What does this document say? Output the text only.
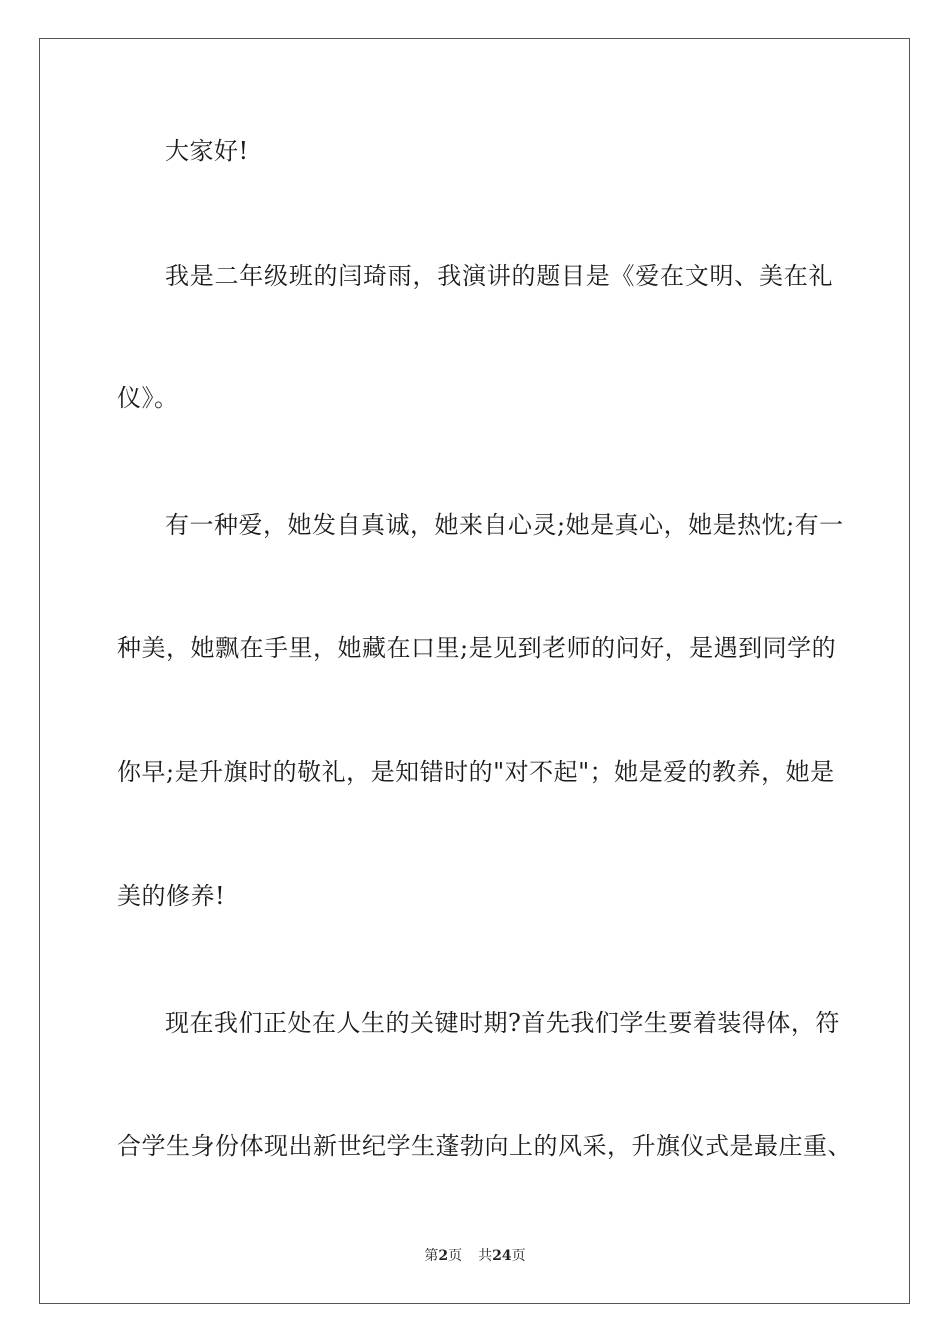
大家好!
我是二年级班的闫琦雨，我演讲的题目是《爱在文明、美在礼
仪》。
有一种爱，她发自真诚，她来自心灵;她是真心，她是热忱;有一
种美，她飘在手里，她藏在口里;是见到老师的问好，是遇到同学的
你早;是升旗时的敬礼，是知错时的"对不起"；她是爱的教养，她是
美的修养!
现在我们正处在人生的关键时期?首先我们学生要着装得体，符
合学生身份体现出新世纪学生蓬勃向上的风采，升旗仪式是最庄重、
第2页 共24页
